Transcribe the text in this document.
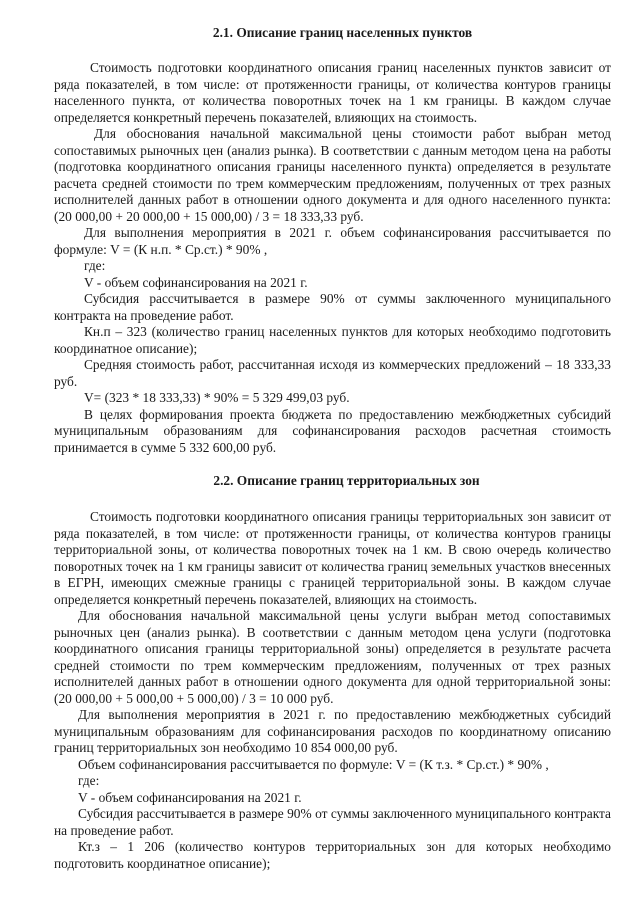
2.1. Описание границ населенных пунктов

Стоимость подготовки координатного описания границ населенных пунктов зависит от ряда показателей, в том числе: от протяженности границы, от количества контуров границы населенного пункта, от количества поворотных точек на 1 км границы. В каждом случае определяется конкретный перечень показателей, влияющих на стоимость.

Для обоснования начальной максимальной цены стоимости работ выбран метод сопоставимых рыночных цен (анализ рынка). В соответствии с данным методом цена на работы (подготовка координатного описания границы населенного пункта) определяется в результате расчета средней стоимости по трем коммерческим предложениям, полученных от трех разных исполнителей данных работ в отношении одного документа и для одного населенного пункта: (20 000,00 + 20 000,00 + 15 000,00) / 3 = 18 333,33 руб.

Для выполнения мероприятия в 2021 г. объем софинансирования рассчитывается по формуле: V = (К н.п. * Ср.ст.) * 90% ,

где:

V - объем софинансирования на 2021 г.

Субсидия рассчитывается в размере 90% от суммы заключенного муниципального контракта на проведение работ.

Кн.п – 323 (количество границ населенных пунктов для которых необходимо подготовить координатное описание);

Средняя стоимость работ, рассчитанная исходя из коммерческих предложений – 18 333,33 руб.

V= (323 * 18 333,33) * 90% = 5 329 499,03 руб.

В целях формирования проекта бюджета по предоставлению межбюджетных субсидий муниципальным образованиям для софинансирования расходов расчетная стоимость принимается в сумме 5 332 600,00 руб.

2.2. Описание границ территориальных зон

Стоимость подготовки координатного описания границы территориальных зон зависит от ряда показателей, в том числе: от протяженности границы, от количества контуров границы территориальной зоны, от количества поворотных точек на 1 км. В свою очередь количество поворотных точек на 1 км границы зависит от количества границ земельных участков внесенных в ЕГРН, имеющих смежные границы с границей территориальной зоны. В каждом случае определяется конкретный перечень показателей, влияющих на стоимость.

Для обоснования начальной максимальной цены услуги выбран метод сопоставимых рыночных цен (анализ рынка). В соответствии с данным методом цена услуги (подготовка координатного описания границы территориальной зоны) определяется в результате расчета средней стоимости по трем коммерческим предложениям, полученных от трех разных исполнителей данных работ в отношении одного документа для одной территориальной зоны: (20 000,00 + 5 000,00 + 5 000,00) / 3 = 10 000 руб.

Для выполнения мероприятия в 2021 г. по предоставлению межбюджетных субсидий муниципальным образованиям для софинансирования расходов по координатному описанию границ территориальных зон необходимо 10 854 000,00 руб.

Объем софинансирования рассчитывается по формуле: V = (К т.з. * Ср.ст.) * 90% ,

где:

V - объем софинансирования на 2021 г.

Субсидия рассчитывается в размере 90% от суммы заключенного муниципального контракта на проведение работ.

Кт.з – 1 206 (количество контуров территориальных зон для которых необходимо подготовить координатное описание);
